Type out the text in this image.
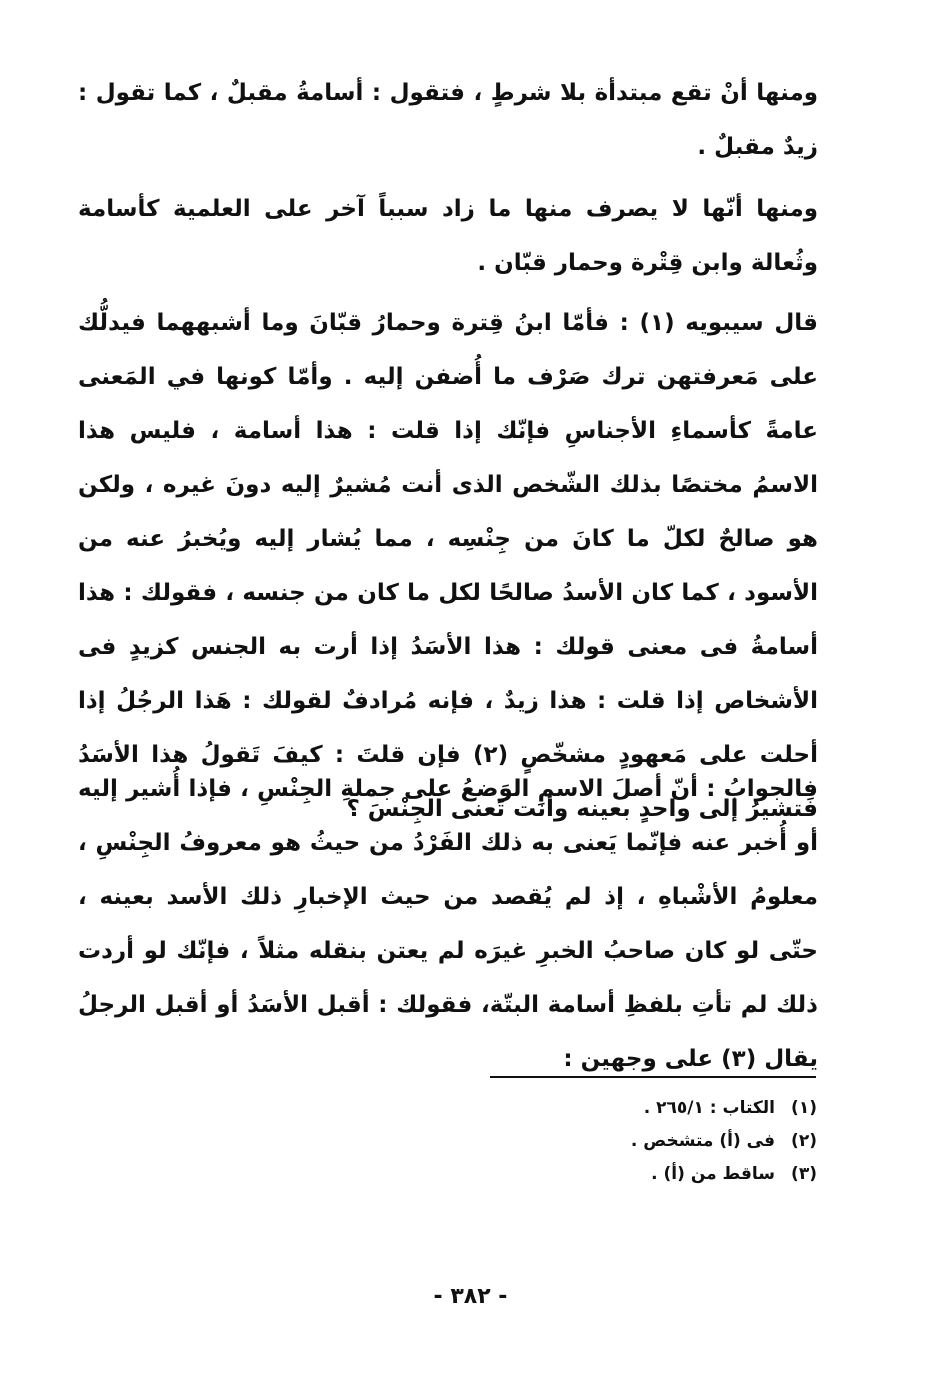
ومنها أنْ تقع مبتدأة بلا شرطٍ ، فتقول : أسامةُ مقبلٌ ، كما تقول : زيدٌ مقبلٌ .

ومنها أنّها لا يصرف منها ما زاد سبباً آخر على العلمية كأسامة وثُعالة وابن قِتْرة وحمار قبّان .

قال سيبويه (١) : فأمّا ابنُ قِترة وحمارُ قبّانَ وما أشبههما فيدلُّك على مَعرفتهن ترك صَرْف ما أُضفن إليه . وأمّا كونها في المَعنى عامةً كأسماءِ الأجناسِ فإنّك إذا قلت : هذا أسامة ، فليس هذا الاسمُ مختصًا بذلك الشّخص الذى أنت مُشيرٌ إليه دونَ غيره ، ولكن هو صالحٌ لكلّ ما كانَ من جِنْسِه ، مما يُشار إليه ويُخبرُ عنه من الأسود ، كما كان الأسدُ صالحًا لكل ما كان من جنسه ، فقولك : هذا أسامةُ فى معنى قولك : هذا الأسَدُ إذا أرت به الجنس كزيدٍ فى الأشخاص إذا قلت : هذا زيدٌ ، فإنه مُرادفٌ لقولك : هَذا الرجُلُ إذا أحلت على مَعهودٍ مشخّصٍ (٢) فإن قلتَ : كيفَ تَقولُ هذا الأسَدُ فَتشيرُ إلى واحدٍ بعينه وأنت تَعنى الجِنْسَ ؟

فالجوابُ : أنّ أصلَ الاسمِ الوَضعُ على جملةِ الجِنْسِ ، فإذا أُشير إليه أو أُخبر عنه فإنّما يَعنى به ذلك الفَرْدُ من حيثُ هو معروفُ الجِنْسِ ، معلومُ الأشْباهِ ، إذ لم يُقصد من حيث الإخبارِ ذلك الأسد بعينه ، حتّى لو كان صاحبُ الخبرِ غيرَه لم يعتن بنقله مثلاً ، فإنّك لو أردت ذلك لم تأتِ بلفظِ أسامة البتّة، فقولك : أقبل الأسَدُ أو أقبل الرجلُ يقال (٣) على وجهين :

(١)
الكتاب : ٢٦٥/١ .
(٢)
فى (أ) متشخص .
(٣)
ساقط من (أ) .
- ٣٨٢ -
